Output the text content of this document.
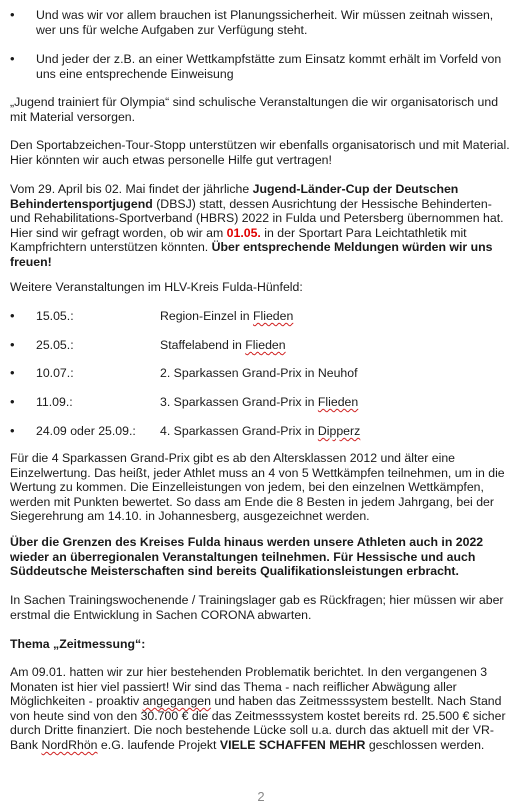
•
Und was wir vor allem brauchen ist Planungssicherheit. Wir müssen zeitnah wissen, wer uns für welche Aufgaben zur Verfügung steht.
•
Und jeder der z.B. an einer Wettkampfstätte zum Einsatz kommt erhält im Vorfeld von uns eine entsprechende Einweisung
„Jugend trainiert für Olympia“ sind schulische Veranstaltungen die wir organisatorisch und mit Material versorgen.
Den Sportabzeichen-Tour-Stopp unterstützen wir ebenfalls organisatorisch und mit Material. Hier könnten wir auch etwas personelle Hilfe gut vertragen!
Vom 29. April bis 02. Mai findet der jährliche Jugend-Länder-Cup der Deutschen Behindertensportjugend (DBSJ) statt, dessen Ausrichtung der Hessische Behinderten- und Rehabilitations-Sportverband (HBRS) 2022 in Fulda und Petersberg übernommen hat. Hier sind wir gefragt worden, ob wir am 01.05. in der Sportart Para Leichtathletik mit Kampfrichtern unterstützen könnten. Über entsprechende Meldungen würden wir uns freuen!
Weitere Veranstaltungen im HLV-Kreis Fulda-Hünfeld:
•
15.05.:	Region-Einzel in Flieden
•
25.05.:	Staffelabend in Flieden
•
10.07.:	2. Sparkassen Grand-Prix in Neuhof
•
11.09.:	3. Sparkassen Grand-Prix in Flieden
•
24.09 oder 25.09.: 4. Sparkassen Grand-Prix in Dipperz
Für die 4 Sparkassen Grand-Prix gibt es ab den Altersklassen 2012 und älter eine Einzelwertung. Das heißt, jeder Athlet muss an 4 von 5 Wettkämpfen teilnehmen, um in die Wertung zu kommen. Die Einzelleistungen von jedem, bei den einzelnen Wettkämpfen, werden mit Punkten bewertet. So dass am Ende die 8 Besten in jedem Jahrgang, bei der Siegerehrung am 14.10. in Johannesberg, ausgezeichnet werden.
Über die Grenzen des Kreises Fulda hinaus werden unsere Athleten auch in 2022 wieder an überregionalen Veranstaltungen teilnehmen. Für Hessische und auch Süddeutsche Meisterschaften sind bereits Qualifikationsleistungen erbracht.
In Sachen Trainingswochenende / Trainingslager gab es Rückfragen; hier müssen wir aber erstmal die Entwicklung in Sachen CORONA abwarten.
Thema „Zeitmessung“:
Am 09.01. hatten wir zur hier bestehenden Problematik berichtet. In den vergangenen 3 Monaten ist hier viel passiert! Wir sind das Thema - nach reiflicher Abwägung aller Möglichkeiten - proaktiv angegangen und haben das Zeitmesssystem bestellt. Nach Stand von heute sind von den 30.700 € die das Zeitmesssystem kostet bereits rd. 25.500 € sicher durch Dritte finanziert. Die noch bestehende Lücke soll u.a. durch das aktuell mit der VR-Bank NordRhön e.G. laufende Projekt VIELE SCHAFFEN MEHR geschlossen werden.
2
